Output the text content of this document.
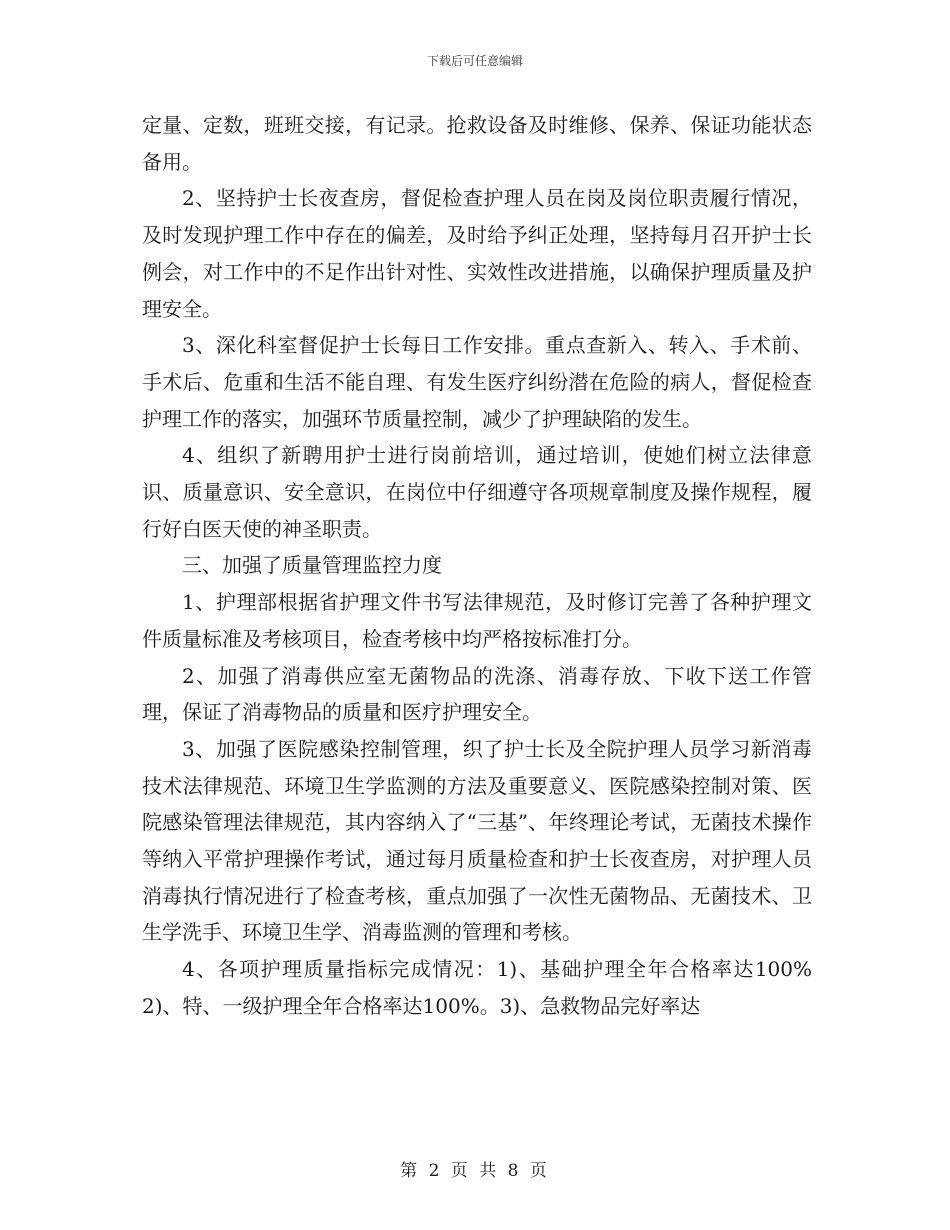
下载后可任意编辑

定量、定数，班班交接，有记录。抢救设备及时维修、保养、保证功能状态备用。

2、坚持护士长夜查房，督促检查护理人员在岗及岗位职责履行情况，及时发现护理工作中存在的偏差，及时给予纠正处理，坚持每月召开护士长例会，对工作中的不足作出针对性、实效性改进措施，以确保护理质量及护理安全。

3、深化科室督促护士长每日工作安排。重点查新入、转入、手术前、手术后、危重和生活不能自理、有发生医疗纠纷潜在危险的病人，督促检查护理工作的落实，加强环节质量控制，减少了护理缺陷的发生。

4、组织了新聘用护士进行岗前培训，通过培训，使她们树立法律意识、质量意识、安全意识，在岗位中仔细遵守各项规章制度及操作规程，履行好白医天使的神圣职责。

三、加强了质量管理监控力度

1、护理部根据省护理文件书写法律规范，及时修订完善了各种护理文件质量标准及考核项目，检查考核中均严格按标准打分。

2、加强了消毒供应室无菌物品的洗涤、消毒存放、下收下送工作管理，保证了消毒物品的质量和医疗护理安全。

3、加强了医院感染控制管理，织了护士长及全院护理人员学习新消毒技术法律规范、环境卫生学监测的方法及重要意义、医院感染控制对策、医院感染管理法律规范，其内容纳入了“三基”、年终理论考试，无菌技术操作等纳入平常护理操作考试，通过每月质量检查和护士长夜查房，对护理人员消毒执行情况进行了检查考核，重点加强了一次性无菌物品、无菌技术、卫生学洗手、环境卫生学、消毒监测的管理和考核。

4、各项护理质量指标完成情况：1)、基础护理全年合格率达100%2)、特、一级护理全年合格率达100%。3)、急救物品完好率达

第 2 页 共 8 页
